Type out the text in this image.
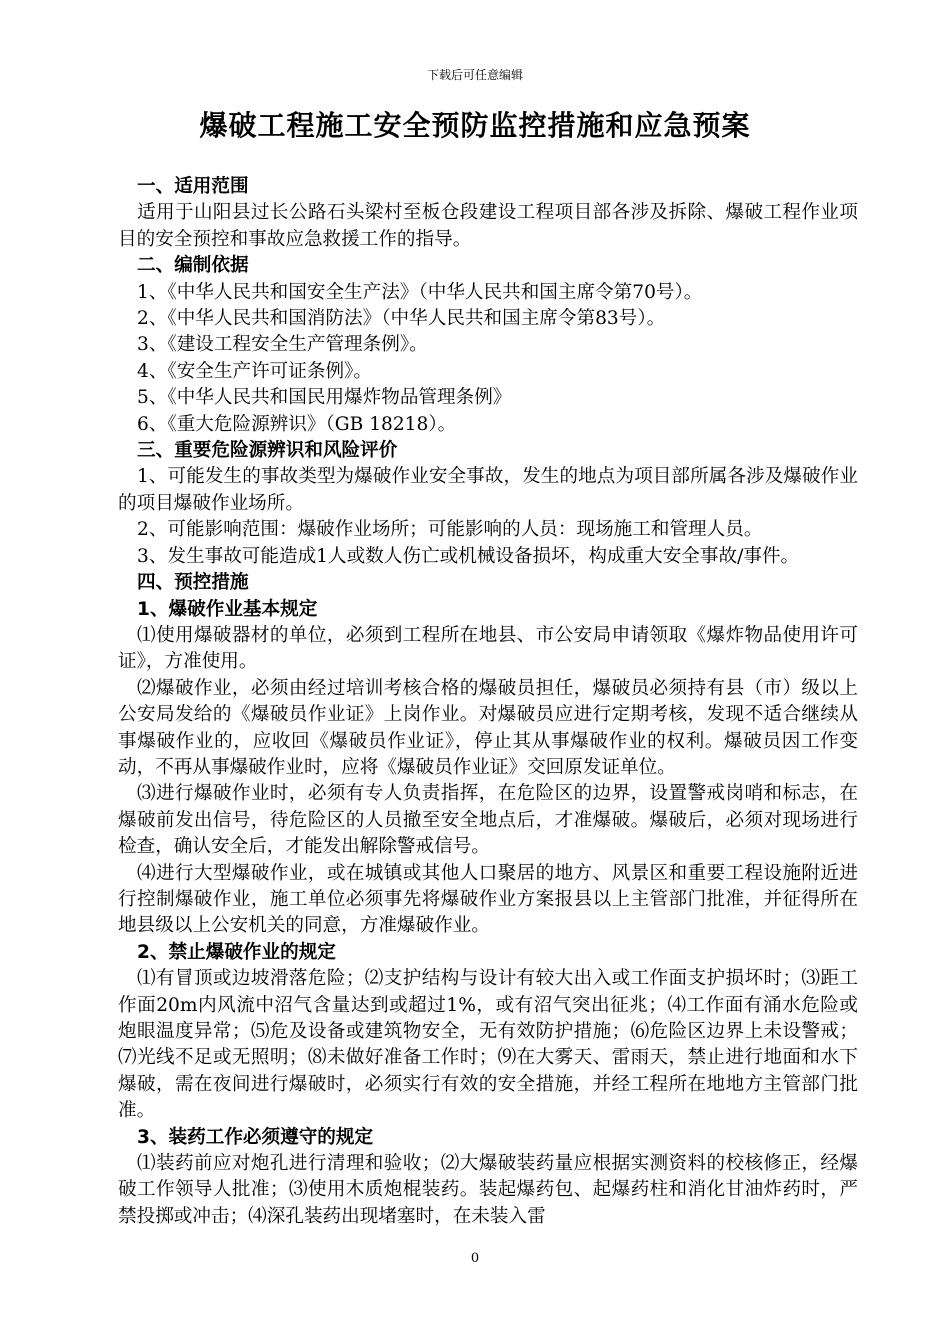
下载后可任意编辑
爆破工程施工安全预防监控措施和应急预案

一、适用范围

适用于山阳县过长公路石头梁村至板仓段建设工程项目部各涉及拆除、爆破工程作业项目的安全预控和事故应急救援工作的指导。

二、编制依据

1、《中华人民共和国安全生产法》（中华人民共和国主席令第70号）。

2、《中华人民共和国消防法》（中华人民共和国主席令第83号）。

3、《建设工程安全生产管理条例》。

4、《安全生产许可证条例》。

5、《中华人民共和国民用爆炸物品管理条例》

6、《重大危险源辨识》（GB 18218）。

三、重要危险源辨识和风险评价

1、可能发生的事故类型为爆破作业安全事故，发生的地点为项目部所属各涉及爆破作业的项目爆破作业场所。

2、可能影响范围：爆破作业场所；可能影响的人员：现场施工和管理人员。

3、发生事故可能造成1人或数人伤亡或机械设备损坏，构成重大安全事故/事件。

四、预控措施

1、爆破作业基本规定

⑴使用爆破器材的单位，必须到工程所在地县、市公安局申请领取《爆炸物品使用许可证》，方准使用。

⑵爆破作业，必须由经过培训考核合格的爆破员担任，爆破员必须持有县（市）级以上公安局发给的《爆破员作业证》上岗作业。对爆破员应进行定期考核，发现不适合继续从事爆破作业的，应收回《爆破员作业证》，停止其从事爆破作业的权利。爆破员因工作变动，不再从事爆破作业时，应将《爆破员作业证》交回原发证单位。

⑶进行爆破作业时，必须有专人负责指挥，在危险区的边界，设置警戒岗哨和标志，在爆破前发出信号，待危险区的人员撤至安全地点后，才准爆破。爆破后，必须对现场进行检查，确认安全后，才能发出解除警戒信号。

⑷进行大型爆破作业，或在城镇或其他人口聚居的地方、风景区和重要工程设施附近进行控制爆破作业，施工单位必须事先将爆破作业方案报县以上主管部门批准，并征得所在地县级以上公安机关的同意，方准爆破作业。

2、禁止爆破作业的规定

⑴有冒顶或边坡滑落危险；⑵支护结构与设计有较大出入或工作面支护损坏时；⑶距工作面20m内风流中沼气含量达到或超过1%，或有沼气突出征兆；⑷工作面有涌水危险或炮眼温度异常；⑸危及设备或建筑物安全，无有效防护措施；⑹危险区边界上未设警戒；⑺光线不足或无照明；⑻未做好准备工作时；⑼在大雾天、雷雨天，禁止进行地面和水下爆破，需在夜间进行爆破时，必须实行有效的安全措施，并经工程所在地地方主管部门批准。

3、装药工作必须遵守的规定

⑴装药前应对炮孔进行清理和验收；⑵大爆破装药量应根据实测资料的校核修正，经爆破工作领导人批准；⑶使用木质炮棍装药。装起爆药包、起爆药柱和消化甘油炸药时，严禁投掷或冲击；⑷深孔装药出现堵塞时，在未装入雷

0
